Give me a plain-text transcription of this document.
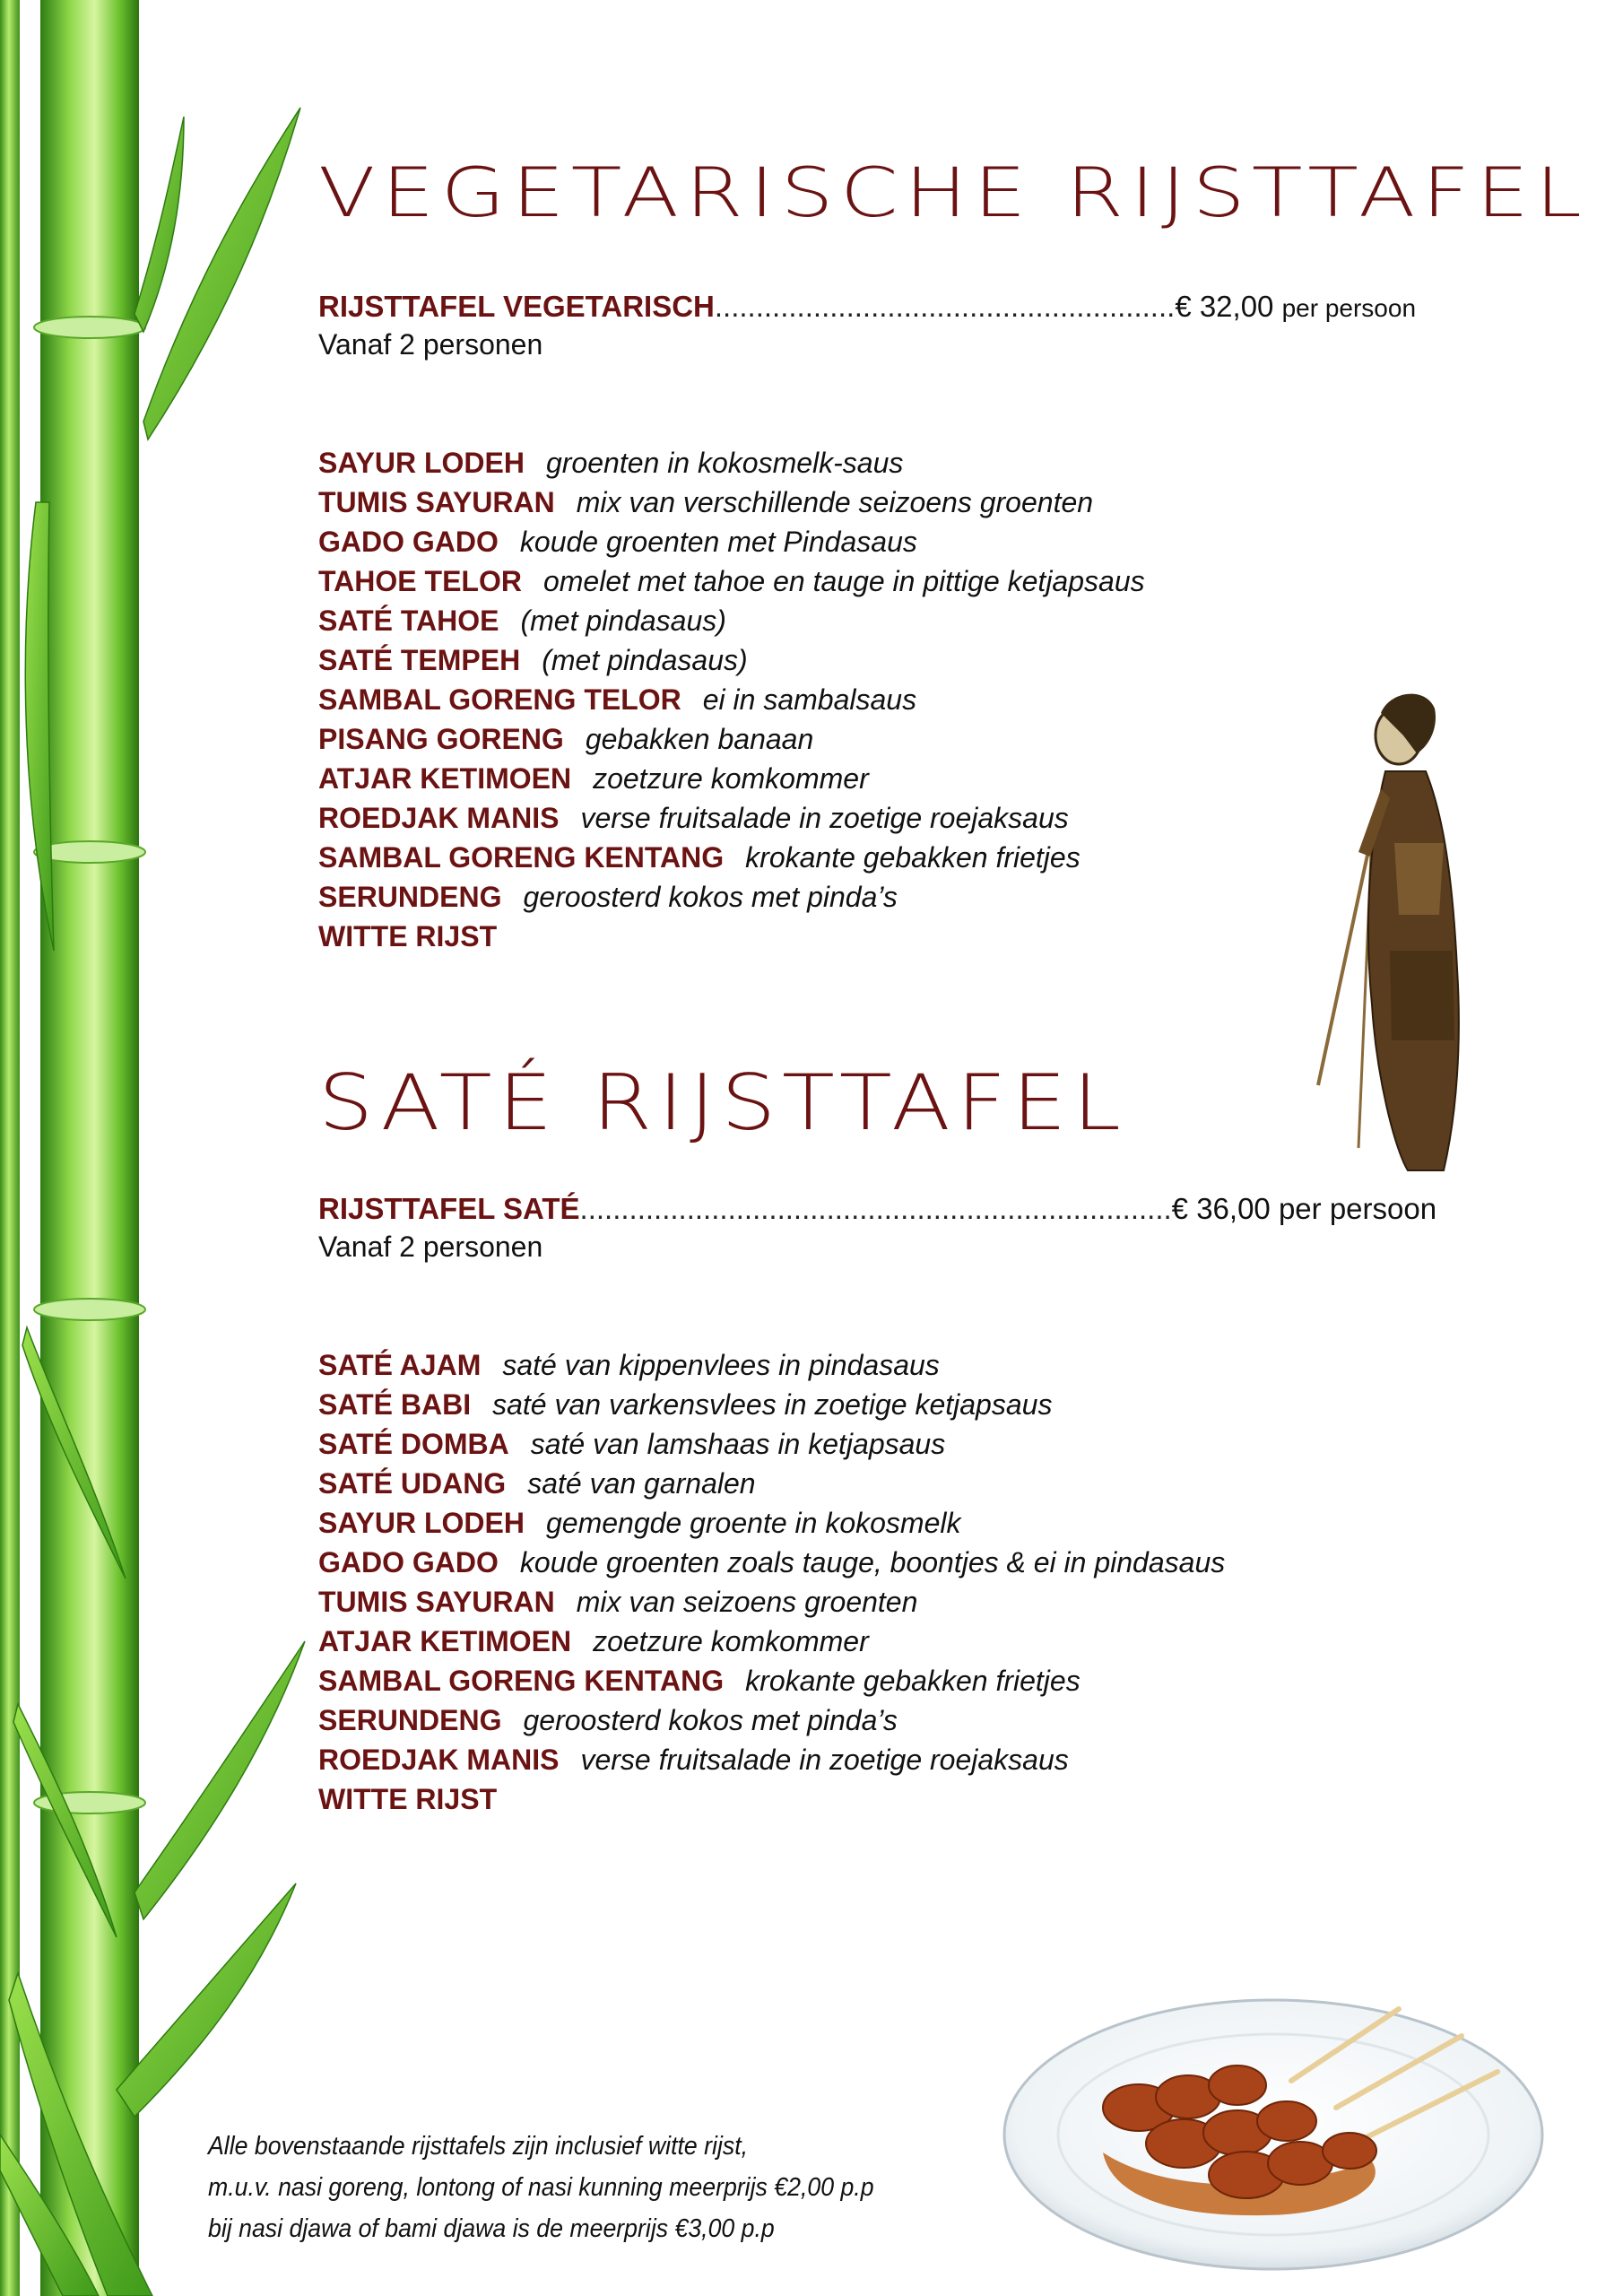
VEGETARISCHE RIJSTTAFEL
RIJSTTAFEL VEGETARISCH........................................................€ 32,00 per persoon
Vanaf 2 personen
SAYUR LODEH groenten in kokosmelk-saus
TUMIS SAYURAN mix van verschillende seizoens groenten
GADO GADO koude groenten met Pindasaus
TAHOE TELOR omelet met tahoe en tauge in pittige ketjapsaus
SATÉ TAHOE (met pindasaus)
SATÉ TEMPEH (met pindasaus)
SAMBAL GORENG TELOR ei in sambalsaus
PISANG GORENG gebakken banaan
ATJAR KETIMOEN zoetzure komkommer
ROEDJAK MANIS verse fruitsalade in zoetige roejaksaus
SAMBAL GORENG KENTANG krokante gebakken frietjes
SERUNDENG geroosterd kokos met pinda’s
WITTE RIJST
SATÉ RIJSTTAFEL
RIJSTTAFEL SATÉ........................................................................€ 36,00 per persoon
Vanaf 2 personen
SATÉ AJAM saté van kippenvlees in pindasaus
SATÉ BABI saté van varkensvlees in zoetige ketjapsaus
SATÉ DOMBA saté van lamshaas in ketjapsaus
SATÉ UDANG saté van garnalen
SAYUR LODEH gemengde groente in kokosmelk
GADO GADO koude groenten zoals tauge, boontjes & ei in pindasaus
TUMIS SAYURAN mix van seizoens groenten
ATJAR KETIMOEN zoetzure komkommer
SAMBAL GORENG KENTANG krokante gebakken frietjes
SERUNDENG geroosterd kokos met pinda’s
ROEDJAK MANIS verse fruitsalade in zoetige roejaksaus
WITTE RIJST
Alle bovenstaande rijsttafels zijn inclusief witte rijst,
m.u.v. nasi goreng, lontong of nasi kunning meerprijs €2,00 p.p
bij nasi djawa of bami djawa is de meerprijs €3,00 p.p
